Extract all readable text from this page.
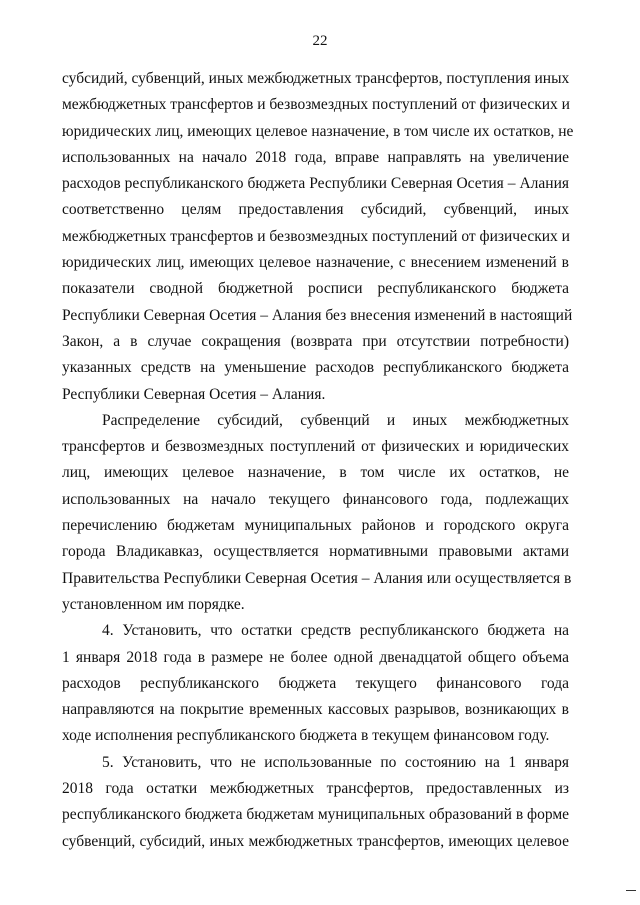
22
субсидий, субвенций, иных межбюджетных трансфертов, поступления иных
межбюджетных трансфертов и безвозмездных поступлений от физических и
юридических лиц, имеющих целевое назначение, в том числе их остатков, не
использованных на начало 2018 года, вправе направлять на увеличение
расходов республиканского бюджета Республики Северная Осетия – Алания
соответственно целям предоставления субсидий, субвенций, иных
межбюджетных трансфертов и безвозмездных поступлений от физических и
юридических лиц, имеющих целевое назначение, с внесением изменений в
показатели сводной бюджетной росписи республиканского бюджета
Республики Северная Осетия – Алания без внесения изменений в настоящий
Закон, а в случае сокращения (возврата при отсутствии потребности)
указанных средств на уменьшение расходов республиканского бюджета
Республики Северная Осетия – Алания.
Распределение субсидий, субвенций и иных межбюджетных
трансфертов и безвозмездных поступлений от физических и юридических
лиц, имеющих целевое назначение, в том числе их остатков, не
использованных на начало текущего финансового года, подлежащих
перечислению бюджетам муниципальных районов и городского округа
города Владикавказ, осуществляется нормативными правовыми актами
Правительства Республики Северная Осетия – Алания или осуществляется в
установленном им порядке.
4. Установить, что остатки средств республиканского бюджета на
1 января 2018 года в размере не более одной двенадцатой общего объема
расходов республиканского бюджета текущего финансового года
направляются на покрытие временных кассовых разрывов, возникающих в
ходе исполнения республиканского бюджета в текущем финансовом году.
5. Установить, что не использованные по состоянию на 1 января
2018 года остатки межбюджетных трансфертов, предоставленных из
республиканского бюджета бюджетам муниципальных образований в форме
субвенций, субсидий, иных межбюджетных трансфертов, имеющих целевое
